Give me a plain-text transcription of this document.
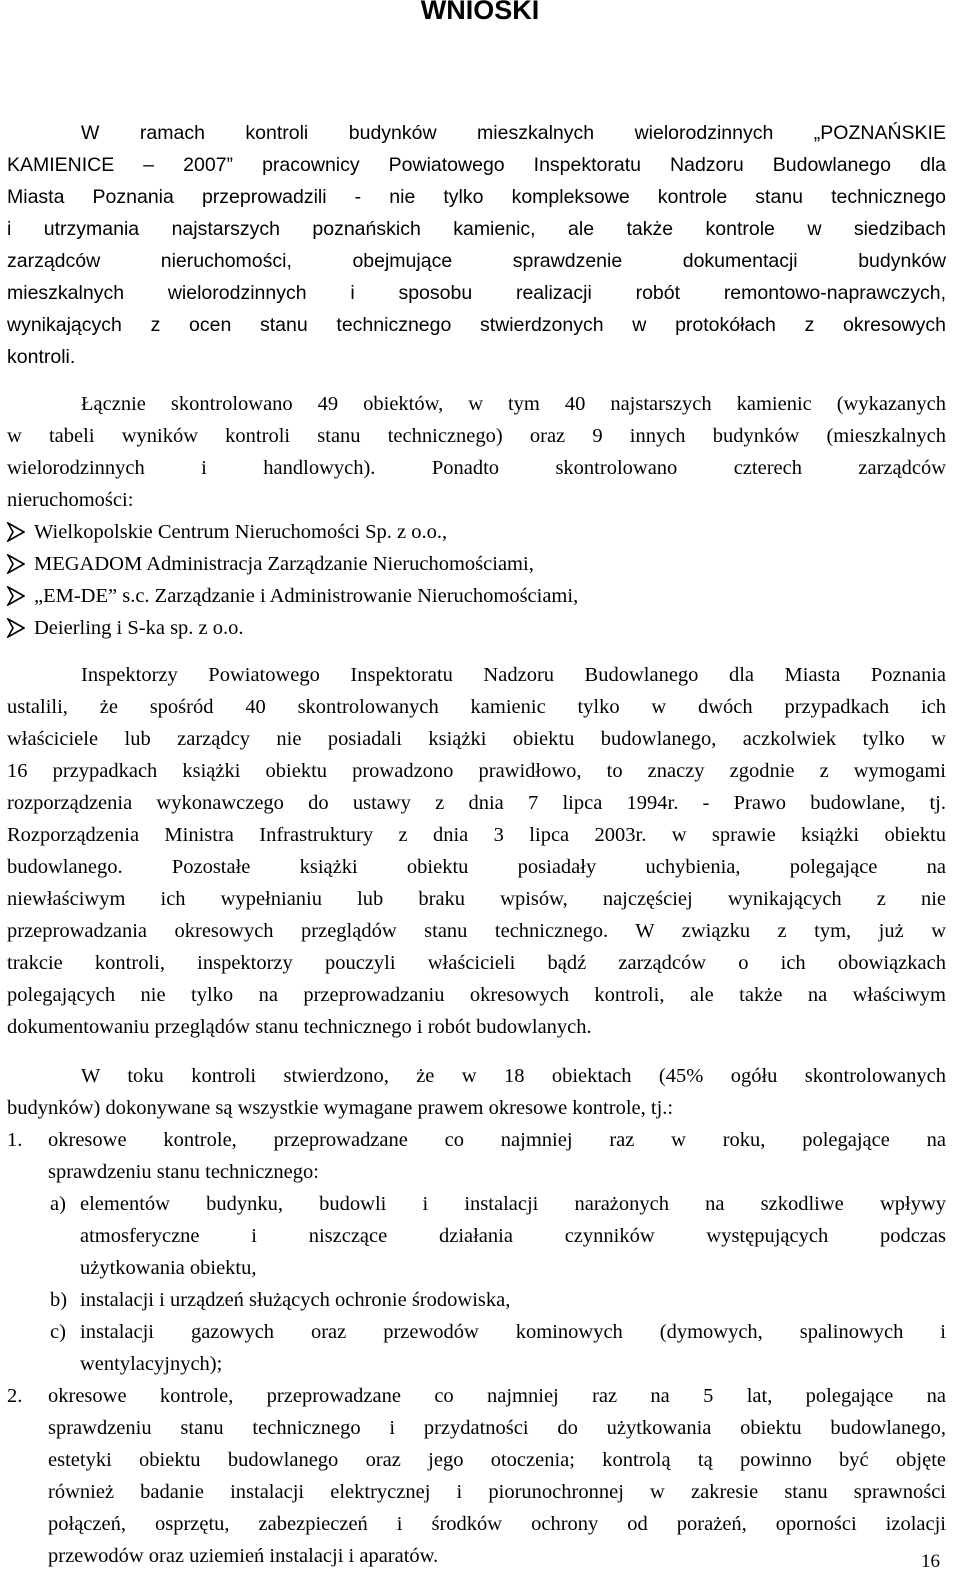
WNIOSKI
W ramach kontroli budynków mieszkalnych wielorodzinnych „POZNAŃSKIE
KAMIENICE – 2007” pracownicy Powiatowego Inspektoratu Nadzoru Budowlanego dla
Miasta Poznania przeprowadzili - nie tylko kompleksowe kontrole stanu technicznego
i utrzymania najstarszych poznańskich kamienic, ale także kontrole w siedzibach
zarządców nieruchomości, obejmujące sprawdzenie dokumentacji budynków
mieszkalnych wielorodzinnych i sposobu realizacji robót remontowo-naprawczych,
wynikających z ocen stanu technicznego stwierdzonych w protokółach z okresowych
kontroli.
Łącznie skontrolowano 49 obiektów, w tym 40 najstarszych kamienic (wykazanych
w tabeli wyników kontroli stanu technicznego) oraz 9 innych budynków (mieszkalnych
wielorodzinnych i handlowych). Ponadto skontrolowano czterech zarządców
nieruchomości:
Wielkopolskie Centrum Nieruchomości Sp. z o.o.,
MEGADOM Administracja Zarządzanie Nieruchomościami,
„EM-DE” s.c. Zarządzanie i Administrowanie Nieruchomościami,
Deierling i S-ka sp. z o.o.
Inspektorzy Powiatowego Inspektoratu Nadzoru Budowlanego dla Miasta Poznania
ustalili, że spośród 40 skontrolowanych kamienic tylko w dwóch przypadkach ich
właściciele lub zarządcy nie posiadali książki obiektu budowlanego, aczkolwiek tylko w
16 przypadkach książki obiektu prowadzono prawidłowo, to znaczy zgodnie z wymogami
rozporządzenia wykonawczego do ustawy z dnia 7 lipca 1994r. - Prawo budowlane, tj.
Rozporządzenia Ministra Infrastruktury z dnia 3 lipca 2003r. w sprawie książki obiektu
budowlanego. Pozostałe książki obiektu posiadały uchybienia, polegające na
niewłaściwym ich wypełnianiu lub braku wpisów, najczęściej wynikających z nie
przeprowadzania okresowych przeglądów stanu technicznego. W związku z tym, już w
trakcie kontroli, inspektorzy pouczyli właścicieli bądź zarządców o ich obowiązkach
polegających nie tylko na przeprowadzaniu okresowych kontroli, ale także na właściwym
dokumentowaniu przeglądów stanu technicznego i robót budowlanych.
W toku kontroli stwierdzono, że w 18 obiektach (45% ogółu skontrolowanych
budynków) dokonywane są wszystkie wymagane prawem okresowe kontrole, tj.:
1. okresowe kontrole, przeprowadzane co najmniej raz w roku, polegające na
sprawdzeniu stanu technicznego:
a) elementów budynku, budowli i instalacji narażonych na szkodliwe wpływy
atmosferyczne i niszczące działania czynników występujących podczas
użytkowania obiektu,
b) instalacji i urządzeń służących ochronie środowiska,
c) instalacji gazowych oraz przewodów kominowych (dymowych, spalinowych i
wentylacyjnych);
2. okresowe kontrole, przeprowadzane co najmniej raz na 5 lat, polegające na
sprawdzeniu stanu technicznego i przydatności do użytkowania obiektu budowlanego,
estetyki obiektu budowlanego oraz jego otoczenia; kontrolą tą powinno być objęte
również badanie instalacji elektrycznej i piorunochronnej w zakresie stanu sprawności
połączeń, osprzętu, zabezpieczeń i środków ochrony od porażeń, oporności izolacji
przewodów oraz uziemień instalacji i aparatów.	16
